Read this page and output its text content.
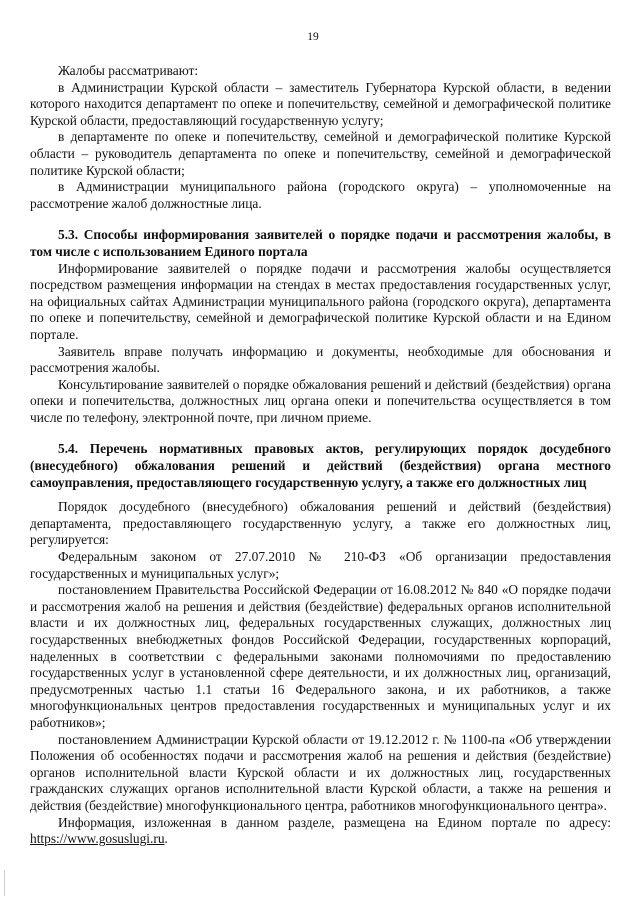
19

Жалобы рассматривают:

в Администрации Курской области – заместитель Губернатора Курской области, в ведении которого находится департамент по опеке и попечительству, семейной и демографической политике Курской области, предоставляющий государственную услугу;

в департаменте по опеке и попечительству, семейной и демографической политике Курской области – руководитель департамента по опеке и попечительству, семейной и демографической политике Курской области;

в Администрации муниципального района (городского округа) – уполномоченные на рассмотрение жалоб должностные лица.

5.3. Способы информирования заявителей о порядке подачи и рассмотрения жалобы, в том числе с использованием Единого портала

Информирование заявителей о порядке подачи и рассмотрения жалобы осуществляется посредством размещения информации на стендах в местах предоставления государственных услуг, на официальных сайтах Администрации муниципального района (городского округа), департамента по опеке и попечительству, семейной и демографической политике Курской области и на Едином портале.

Заявитель вправе получать информацию и документы, необходимые для обоснования и рассмотрения жалобы.

Консультирование заявителей о порядке обжалования решений и действий (бездействия) органа опеки и попечительства, должностных лиц органа опеки и попечительства осуществляется в том числе по телефону, электронной почте, при личном приеме.

5.4. Перечень нормативных правовых актов, регулирующих порядок досудебного (внесудебного) обжалования решений и действий (бездействия) органа местного самоуправления, предоставляющего государственную услугу, а также его должностных лиц

Порядок досудебного (внесудебного) обжалования решений и действий (бездействия) департамента, предоставляющего государственную услугу, а также его должностных лиц, регулируется:

Федеральным законом от 27.07.2010 № 210-ФЗ «Об организации предоставления государственных и муниципальных услуг»;

постановлением Правительства Российской Федерации от 16.08.2012 № 840 «О порядке подачи и рассмотрения жалоб на решения и действия (бездействие) федеральных органов исполнительной власти и их должностных лиц, федеральных государственных служащих, должностных лиц государственных внебюджетных фондов Российской Федерации, государственных корпораций, наделенных в соответствии с федеральными законами полномочиями по предоставлению государственных услуг в установленной сфере деятельности, и их должностных лиц, организаций, предусмотренных частью 1.1 статьи 16 Федерального закона, и их работников, а также многофункциональных центров предоставления государственных и муниципальных услуг и их работников»;

постановлением Администрации Курской области от 19.12.2012 г. № 1100-па «Об утверждении Положения об особенностях подачи и рассмотрения жалоб на решения и действия (бездействие) органов исполнительной власти Курской области и их должностных лиц, государственных гражданских служащих органов исполнительной власти Курской области, а также на решения и действия (бездействие) многофункционального центра, работников многофункционального центра».

Информация, изложенная в данном разделе, размещена на Едином портале по адресу: https://www.gosuslugi.ru.
